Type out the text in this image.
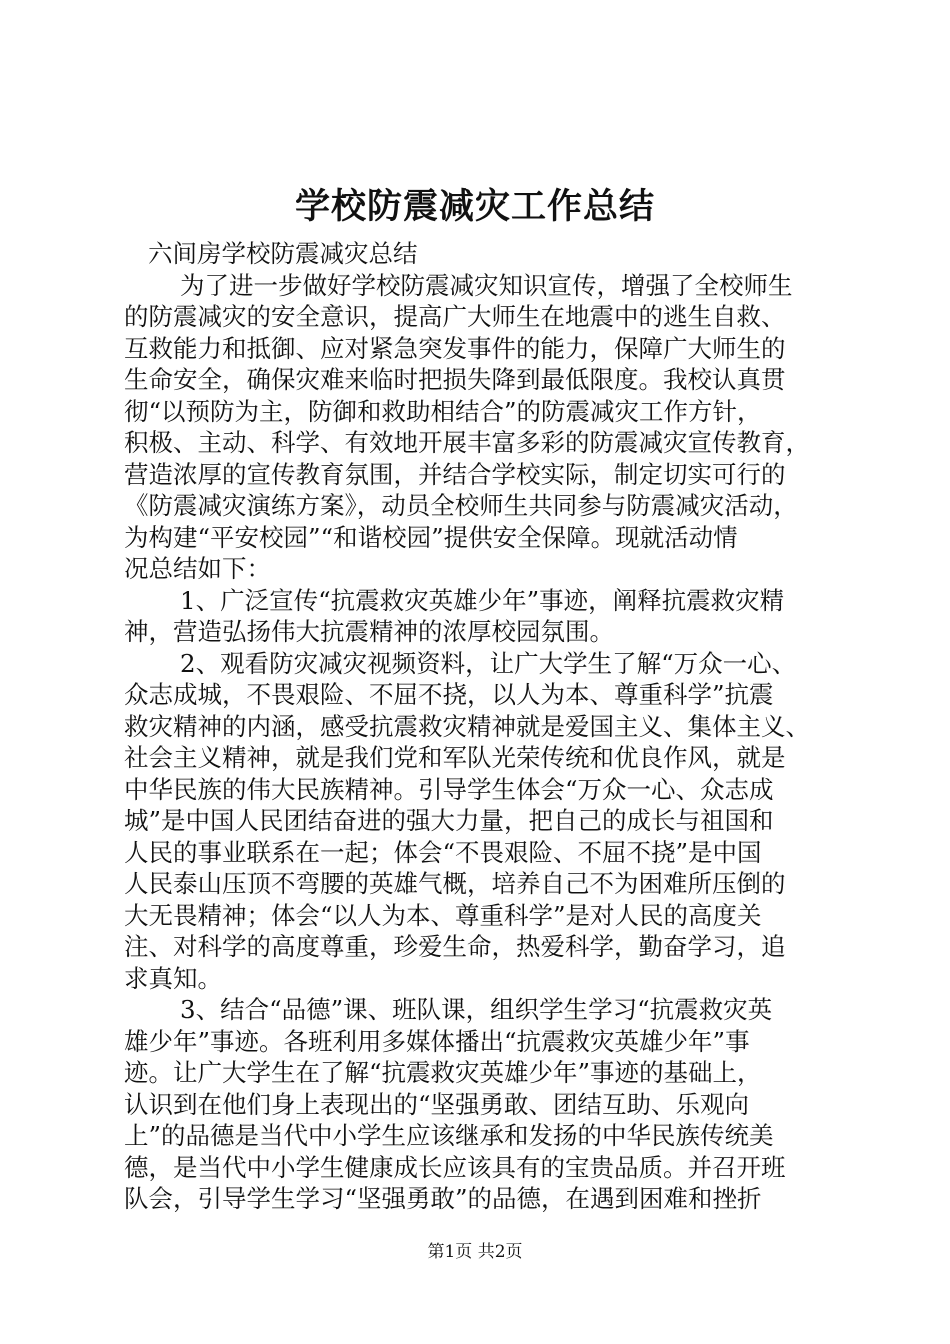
学校防震减灾工作总结
六间房学校防震减灾总结
为了进一步做好学校防震减灾知识宣传，增强了全校师生
的防震减灾的安全意识，提高广大师生在地震中的逃生自救、
互救能力和抵御、应对紧急突发事件的能力，保障广大师生的
生命安全，确保灾难来临时把损失降到最低限度。我校认真贯
彻“以预防为主，防御和救助相结合”的防震减灾工作方针，
积极、主动、科学、有效地开展丰富多彩的防震减灾宣传教育，
营造浓厚的宣传教育氛围，并结合学校实际，制定切实可行的
《防震减灾演练方案》，动员全校师生共同参与防震减灾活动，
为构建“平安校园”“和谐校园”提供安全保障。现就活动情
况总结如下：
1、广泛宣传“抗震救灾英雄少年”事迹，阐释抗震救灾精
神，营造弘扬伟大抗震精神的浓厚校园氛围。
2、观看防灾减灾视频资料，让广大学生了解“万众一心、
众志成城，不畏艰险、不屈不挠，以人为本、尊重科学”抗震
救灾精神的内涵，感受抗震救灾精神就是爱国主义、集体主义、
社会主义精神，就是我们党和军队光荣传统和优良作风，就是
中华民族的伟大民族精神。引导学生体会“万众一心、众志成
城”是中国人民团结奋进的强大力量，把自己的成长与祖国和
人民的事业联系在一起；体会“不畏艰险、不屈不挠”是中国
人民泰山压顶不弯腰的英雄气概，培养自己不为困难所压倒的
大无畏精神；体会“以人为本、尊重科学”是对人民的高度关
注、对科学的高度尊重，珍爱生命，热爱科学，勤奋学习，追
求真知。
3、结合“品德”课、班队课，组织学生学习“抗震救灾英
雄少年”事迹。各班利用多媒体播出“抗震救灾英雄少年”事
迹。让广大学生在了解“抗震救灾英雄少年”事迹的基础上，
认识到在他们身上表现出的“坚强勇敢、团结互助、乐观向
上”的品德是当代中小学生应该继承和发扬的中华民族传统美
德，是当代中小学生健康成长应该具有的宝贵品质。并召开班
队会，引导学生学习“坚强勇敢”的品德，在遇到困难和挫折
第1页 共2页
